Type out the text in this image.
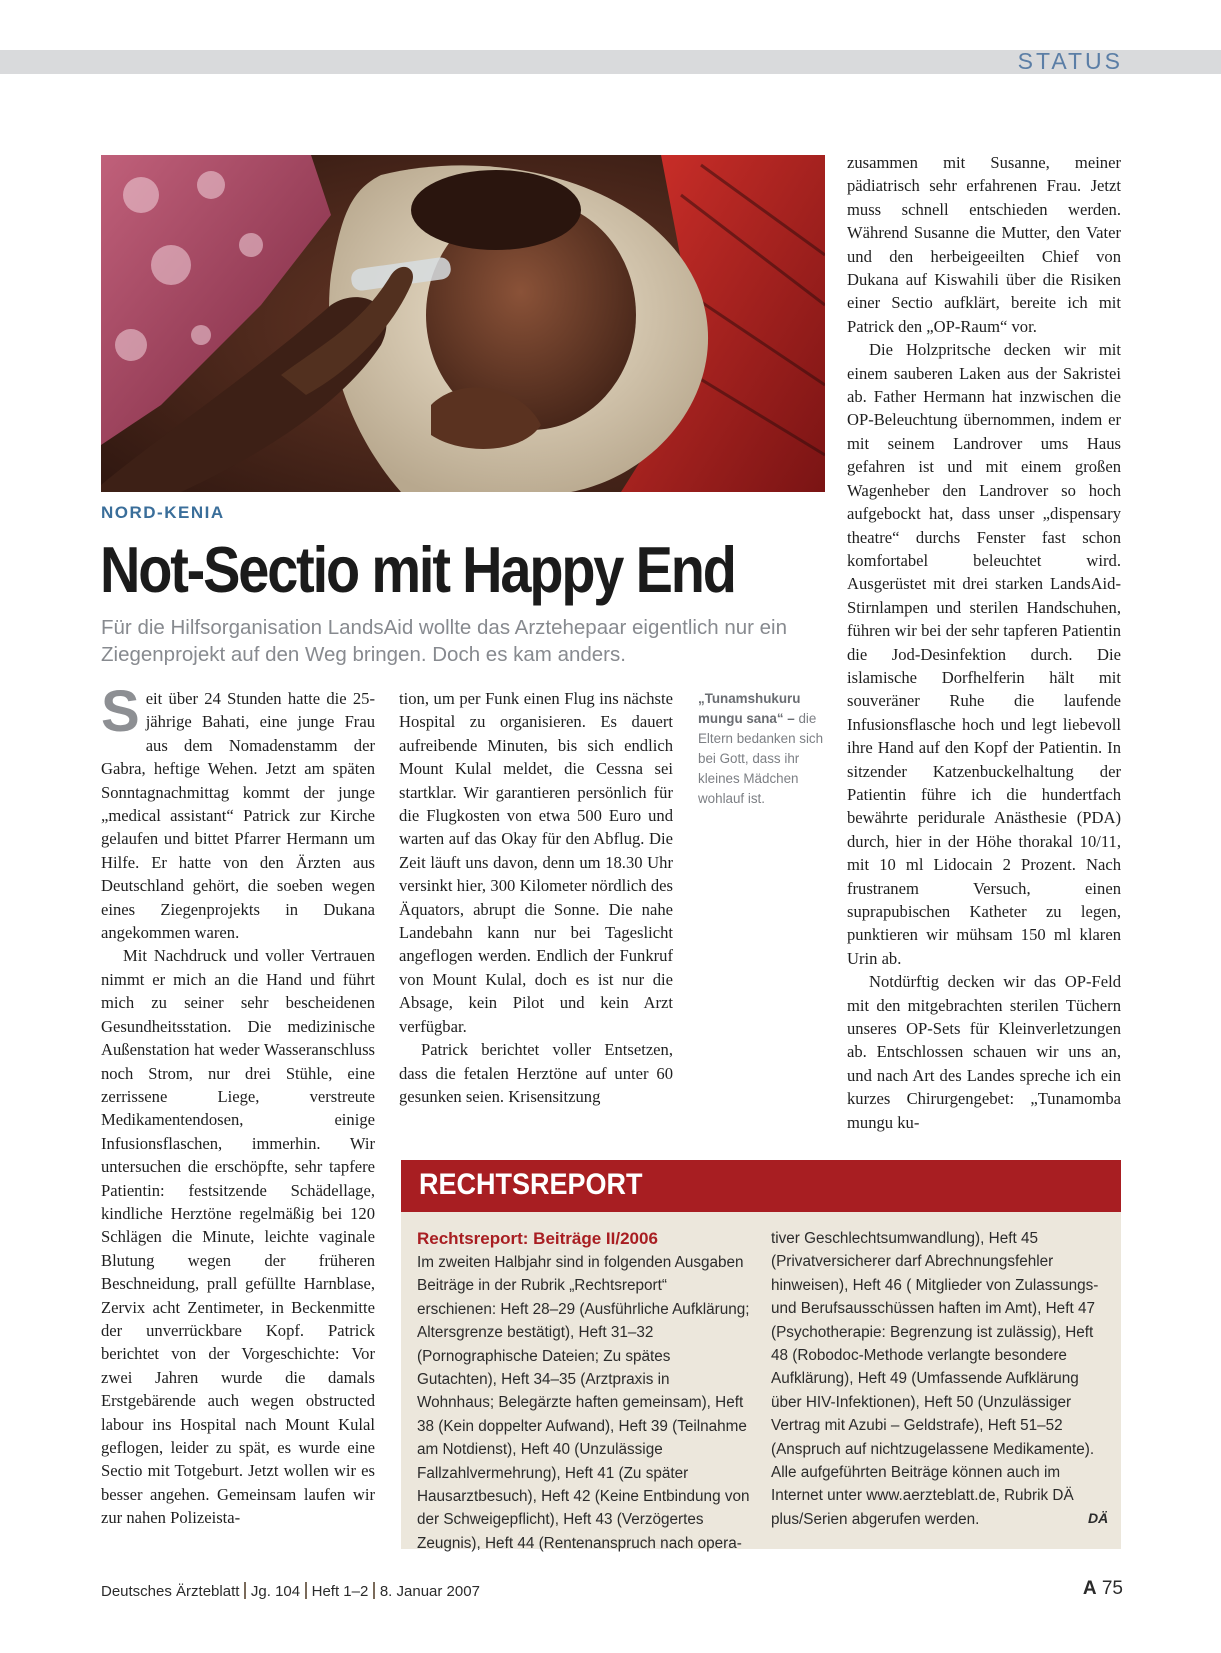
STATUS
NORD-KENIA
Not-Sectio mit Happy End
Für die Hilfsorganisation LandsAid wollte das Arztehepaar eigentlich nur ein Ziegenprojekt auf den Weg bringen. Doch es kam anders.

Seit über 24 Stunden hatte die 25-jährige Bahati, eine junge Frau aus dem Nomadenstamm der Gabra, heftige Wehen. Jetzt am späten Sonntagnachmittag kommt der junge „medical assistant“ Patrick zur Kirche gelaufen und bittet Pfarrer Hermann um Hilfe. Er hatte von den Ärzten aus Deutschland gehört, die soeben wegen eines Ziegenprojekts in Dukana angekommen waren.

Mit Nachdruck und voller Vertrauen nimmt er mich an die Hand und führt mich zu seiner sehr bescheidenen Gesundheitsstation. Die medizinische Außenstation hat weder Wasseranschluss noch Strom, nur drei Stühle, eine zerrissene Liege, verstreute Medikamentendosen, einige Infusionsflaschen, immerhin. Wir untersuchen die erschöpfte, sehr tapfere Patientin: festsitzende Schädellage, kindliche Herztöne regelmäßig bei 120 Schlägen die Minute, leichte vaginale Blutung wegen der früheren Beschneidung, prall gefüllte Harnblase, Zervix acht Zentimeter, in Beckenmitte der unverrückbare Kopf. Patrick berichtet von der Vorgeschichte: Vor zwei Jahren wurde die damals Erstgebärende auch wegen obstructed labour ins Hospital nach Mount Kulal geflogen, leider zu spät, es wurde eine Sectio mit Totgeburt. Jetzt wollen wir es besser angehen. Gemeinsam laufen wir zur nahen Polizeista-

tion, um per Funk einen Flug ins nächste Hospital zu organisieren. Es dauert aufreibende Minuten, bis sich endlich Mount Kulal meldet, die Cessna sei startklar. Wir garantieren persönlich für die Flugkosten von etwa 500 Euro und warten auf das Okay für den Abflug. Die Zeit läuft uns davon, denn um 18.30 Uhr versinkt hier, 300 Kilometer nördlich des Äquators, abrupt die Sonne. Die nahe Landebahn kann nur bei Tageslicht angeflogen werden. Endlich der Funkruf von Mount Kulal, doch es ist nur die Absage, kein Pilot und kein Arzt verfügbar.

Patrick berichtet voller Entsetzen, dass die fetalen Herztöne auf unter 60 gesunken seien. Krisensitzung

„Tunamshukuru mungu sana“ – die Eltern bedanken sich bei Gott, dass ihr kleines Mädchen wohlauf ist.

zusammen mit Susanne, meiner pädiatrisch sehr erfahrenen Frau. Jetzt muss schnell entschieden werden. Während Susanne die Mutter, den Vater und den herbeigeeilten Chief von Dukana auf Kiswahili über die Risiken einer Sectio aufklärt, bereite ich mit Patrick den „OP-Raum“ vor.

Die Holzpritsche decken wir mit einem sauberen Laken aus der Sakristei ab. Father Hermann hat inzwischen die OP-Beleuchtung übernommen, indem er mit seinem Landrover ums Haus gefahren ist und mit einem großen Wagenheber den Landrover so hoch aufgebockt hat, dass unser „dispensary theatre“ durchs Fenster fast schon komfortabel beleuchtet wird. Ausgerüstet mit drei starken LandsAid-Stirnlampen und sterilen Handschuhen, führen wir bei der sehr tapferen Patientin die Jod-Desinfektion durch. Die islamische Dorfhelferin hält mit souveräner Ruhe die laufende Infusionsflasche hoch und legt liebevoll ihre Hand auf den Kopf der Patientin. In sitzender Katzenbuckelhaltung der Patientin führe ich die hundertfach bewährte peridurale Anästhesie (PDA) durch, hier in der Höhe thorakal 10/11, mit 10 ml Lidocain 2 Prozent. Nach frustranem Versuch, einen suprapubischen Katheter zu legen, punktieren wir mühsam 150 ml klaren Urin ab.

Notdürftig decken wir das OP-Feld mit den mitgebrachten sterilen Tüchern unseres OP-Sets für Kleinverletzungen ab. Entschlossen schauen wir uns an, und nach Art des Landes spreche ich ein kurzes Chirurgengebet: „Tunamomba mungu ku-

RECHTSREPORT
Rechtsreport: Beiträge II/2006
Im zweiten Halbjahr sind in folgenden Ausgaben Beiträge in der Rubrik „Rechtsreport“ erschienen: Heft 28–29 (Ausführliche Aufklärung; Altersgrenze bestätigt), Heft 31–32 (Pornographische Dateien; Zu spätes Gutachten), Heft 34–35 (Arztpraxis in Wohnhaus; Belegärzte haften gemeinsam), Heft 38 (Kein doppelter Aufwand), Heft 39 (Teilnahme am Notdienst), Heft 40 (Unzulässige Fallzahlvermehrung), Heft 41 (Zu später Hausarztbesuch), Heft 42 (Keine Entbindung von der Schweigepflicht), Heft 43 (Verzögertes Zeugnis), Heft 44 (Rentenanspruch nach opera-
tiver Geschlechtsumwandlung), Heft 45 (Privatversicherer darf Abrechnungsfehler hinweisen), Heft 46 ( Mitglieder von Zulassungs- und Berufsausschüssen haften im Amt), Heft 47 (Psychotherapie: Begrenzung ist zulässig), Heft 48 (Robodoc-Methode verlangte besondere Aufklärung), Heft 49 (Umfassende Aufklärung über HIV-Infektionen), Heft 50 (Unzulässiger Vertrag mit Azubi – Geldstrafe), Heft 51–52 (Anspruch auf nichtzugelassene Medikamente). Alle aufgeführten Beiträge können auch im Internet unter www.aerzteblatt.de, Rubrik DÄ plus/Serien abgerufen werden.	DÄ
Deutsches Ärzteblatt Jg. 104 Heft 1–2 8. Januar 2007	A 75
